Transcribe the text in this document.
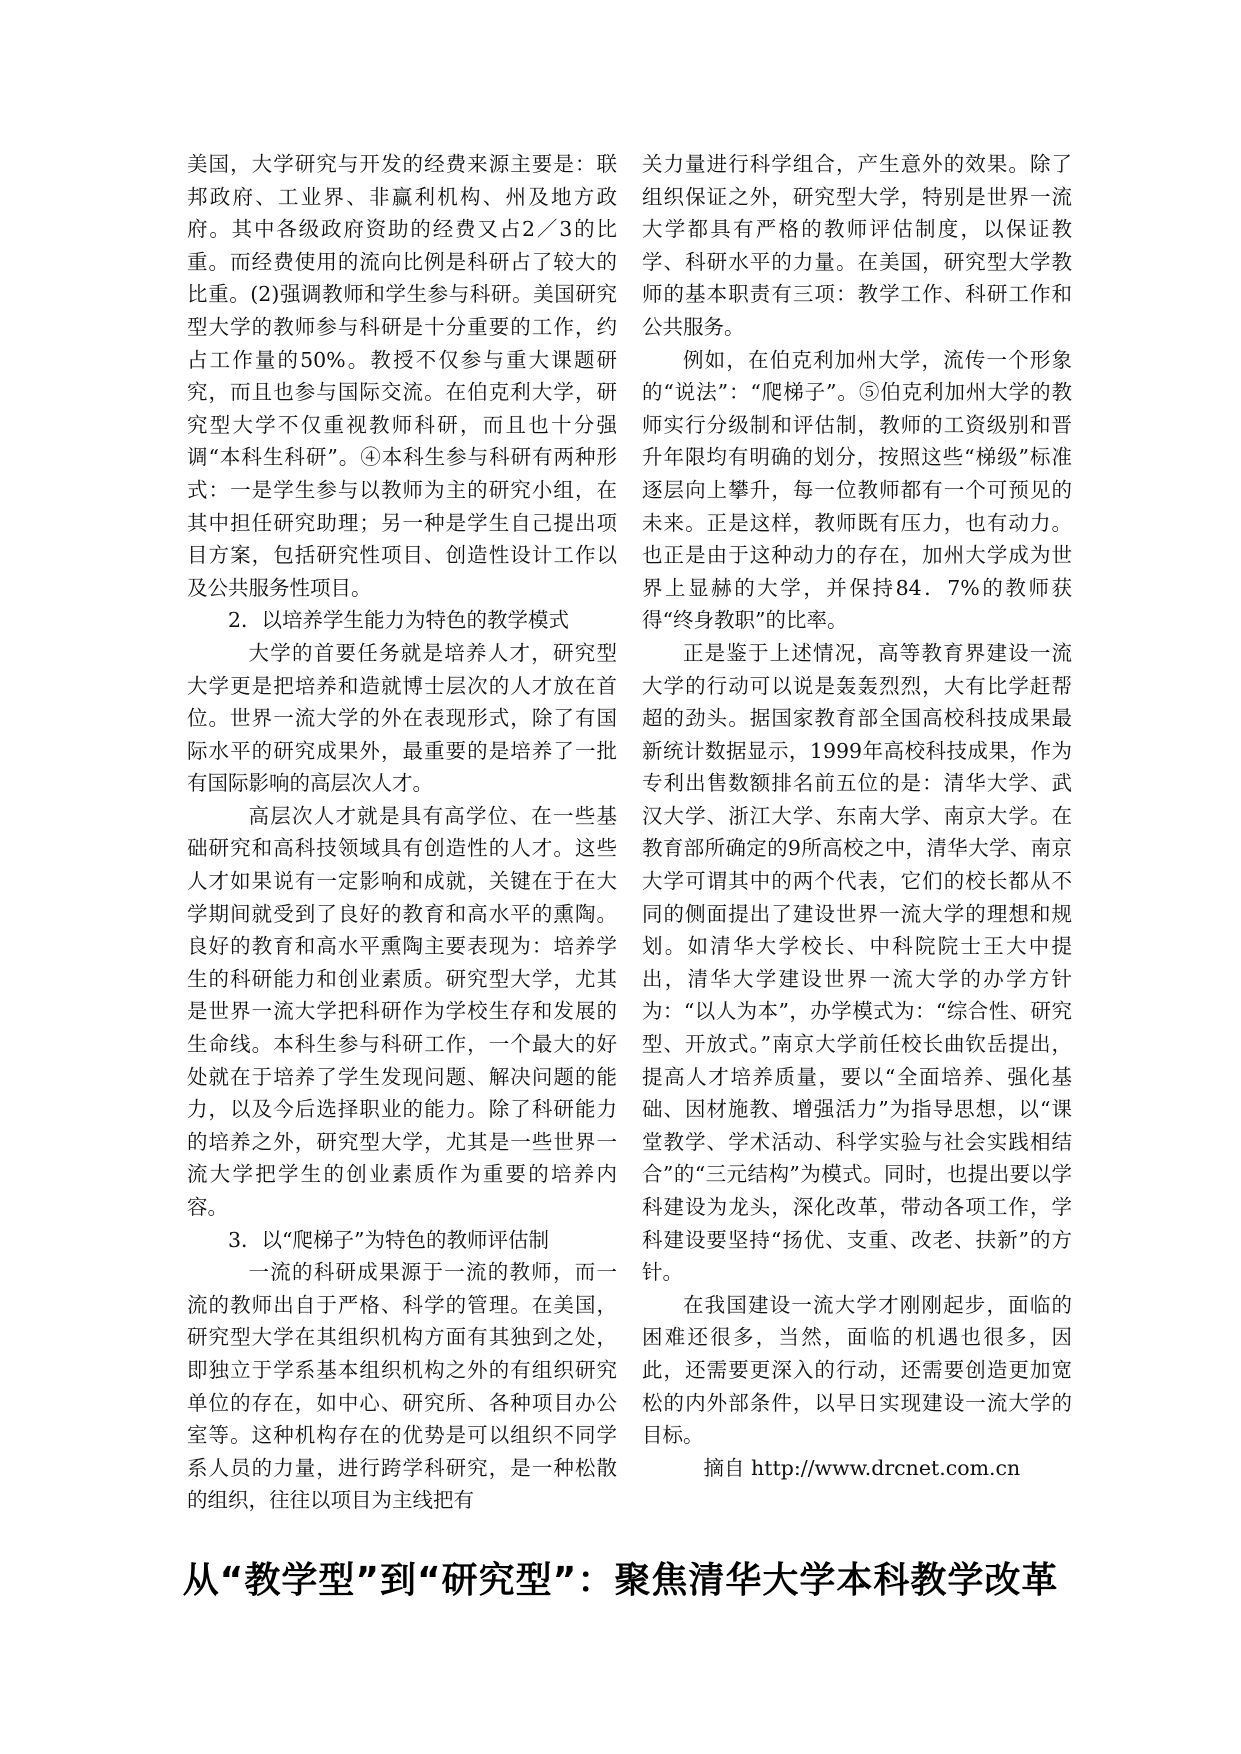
美国，大学研究与开发的经费来源主要是：联邦政府、工业界、非赢利机构、州及地方政府。其中各级政府资助的经费又占2／3的比重。而经费使用的流向比例是科研占了较大的比重。(2)强调教师和学生参与科研。美国研究型大学的教师参与科研是十分重要的工作，约占工作量的50%。教授不仅参与重大课题研究，而且也参与国际交流。在伯克利大学，研究型大学不仅重视教师科研，而且也十分强调“本科生科研”。④本科生参与科研有两种形式：一是学生参与以教师为主的研究小组，在其中担任研究助理；另一种是学生自己提出项目方案，包括研究性项目、创造性设计工作以及公共服务性项目。

2．以培养学生能力为特色的教学模式

大学的首要任务就是培养人才，研究型大学更是把培养和造就博士层次的人才放在首位。世界一流大学的外在表现形式，除了有国际水平的研究成果外，最重要的是培养了一批有国际影响的高层次人才。

高层次人才就是具有高学位、在一些基础研究和高科技领域具有创造性的人才。这些人才如果说有一定影响和成就，关键在于在大学期间就受到了良好的教育和高水平的熏陶。良好的教育和高水平熏陶主要表现为：培养学生的科研能力和创业素质。研究型大学，尤其是世界一流大学把科研作为学校生存和发展的生命线。本科生参与科研工作，一个最大的好处就在于培养了学生发现问题、解决问题的能力，以及今后选择职业的能力。除了科研能力的培养之外，研究型大学，尤其是一些世界一流大学把学生的创业素质作为重要的培养内容。

3．以“爬梯子”为特色的教师评估制

一流的科研成果源于一流的教师，而一流的教师出自于严格、科学的管理。在美国，研究型大学在其组织机构方面有其独到之处，即独立于学系基本组织机构之外的有组织研究单位的存在，如中心、研究所、各种项目办公室等。这种机构存在的优势是可以组织不同学系人员的力量，进行跨学科研究，是一种松散的组织，往往以项目为主线把有

关力量进行科学组合，产生意外的效果。除了组织保证之外，研究型大学，特别是世界一流大学都具有严格的教师评估制度，以保证教学、科研水平的力量。在美国，研究型大学教师的基本职责有三项：教学工作、科研工作和公共服务。

例如，在伯克利加州大学，流传一个形象的“说法”：“爬梯子”。⑤伯克利加州大学的教师实行分级制和评估制，教师的工资级别和晋升年限均有明确的划分，按照这些“梯级”标准逐层向上攀升，每一位教师都有一个可预见的未来。正是这样，教师既有压力，也有动力。也正是由于这种动力的存在，加州大学成为世界上显赫的大学，并保持84．7%的教师获得“终身教职”的比率。

正是鉴于上述情况，高等教育界建设一流大学的行动可以说是轰轰烈烈，大有比学赶帮超的劲头。据国家教育部全国高校科技成果最新统计数据显示，1999年高校科技成果，作为专利出售数额排名前五位的是：清华大学、武汉大学、浙江大学、东南大学、南京大学。在教育部所确定的9所高校之中，清华大学、南京大学可谓其中的两个代表，它们的校长都从不同的侧面提出了建设世界一流大学的理想和规划。如清华大学校长、中科院院士王大中提出，清华大学建设世界一流大学的办学方针为：“以人为本”，办学模式为：“综合性、研究型、开放式。”南京大学前任校长曲钦岳提出，提高人才培养质量，要以“全面培养、强化基础、因材施教、增强活力”为指导思想，以“课堂教学、学术活动、科学实验与社会实践相结合”的“三元结构”为模式。同时，也提出要以学科建设为龙头，深化改革，带动各项工作，学科建设要坚持“扬优、支重、改老、扶新”的方针。

在我国建设一流大学才刚刚起步，面临的困难还很多，当然，面临的机遇也很多，因此，还需要更深入的行动，还需要创造更加宽松的内外部条件，以早日实现建设一流大学的目标。

摘自 http://www.drcnet.com.cn

从“教学型”到“研究型”：聚焦清华大学本科教学改革
